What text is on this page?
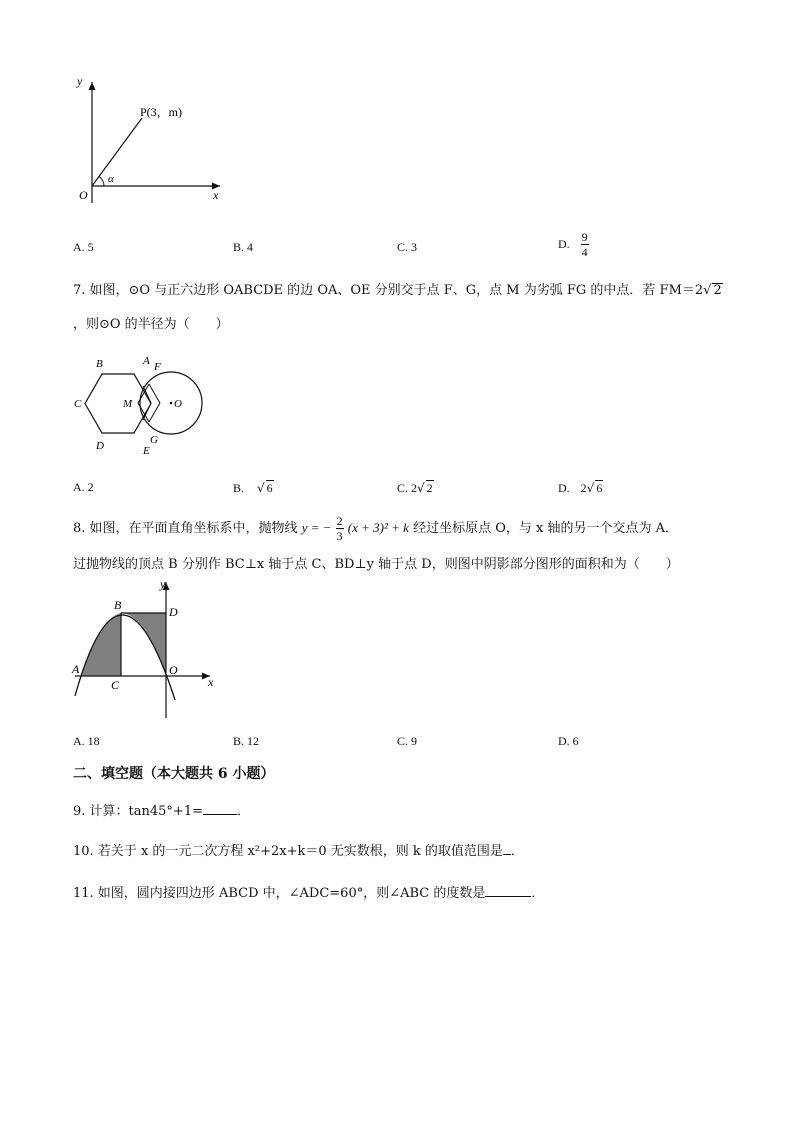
y
x
O
P(3，m)
α
A. 5	B. 4	C. 3	D. $\frac{9}{4}$
7. 如图，⊙O 与正六边形 OABCDE 的边 OA、OE 分别交于点 F、G，点 M 为劣弧 FG 的中点．若 FM＝2√ 2
，则⊙O 的半径为（　　）
B	A F
C	M	O
D	G
E
A. 2	B. √ 6	C. 2√ 2	D. 2√ 6
8. 如图，在平面直角坐标系中，抛物线 y = − $\frac{2}{3} (x + 3)^2 + k$ 经过坐标原点 O，与 x 轴的另一个交点为 A．
过抛物线的顶点 B 分别作 BC⊥x 轴于点 C、BD⊥y 轴于点 D，则图中阴影部分图形的面积和为（　　）
A
B
C
D
O
x
y
A. 18	B. 12	C. 9	D. 6
二、填空题（本大题共 6 小题）
9. 计算：tan45°+1=	．
10. 若关于 x 的一元二次方程 x²+2x+k＝0 无实数根，则 k 的取值范围是 ．
11. 如图，圆内接四边形 ABCD 中，∠ADC=60°，则∠ABC 的度数是	．
